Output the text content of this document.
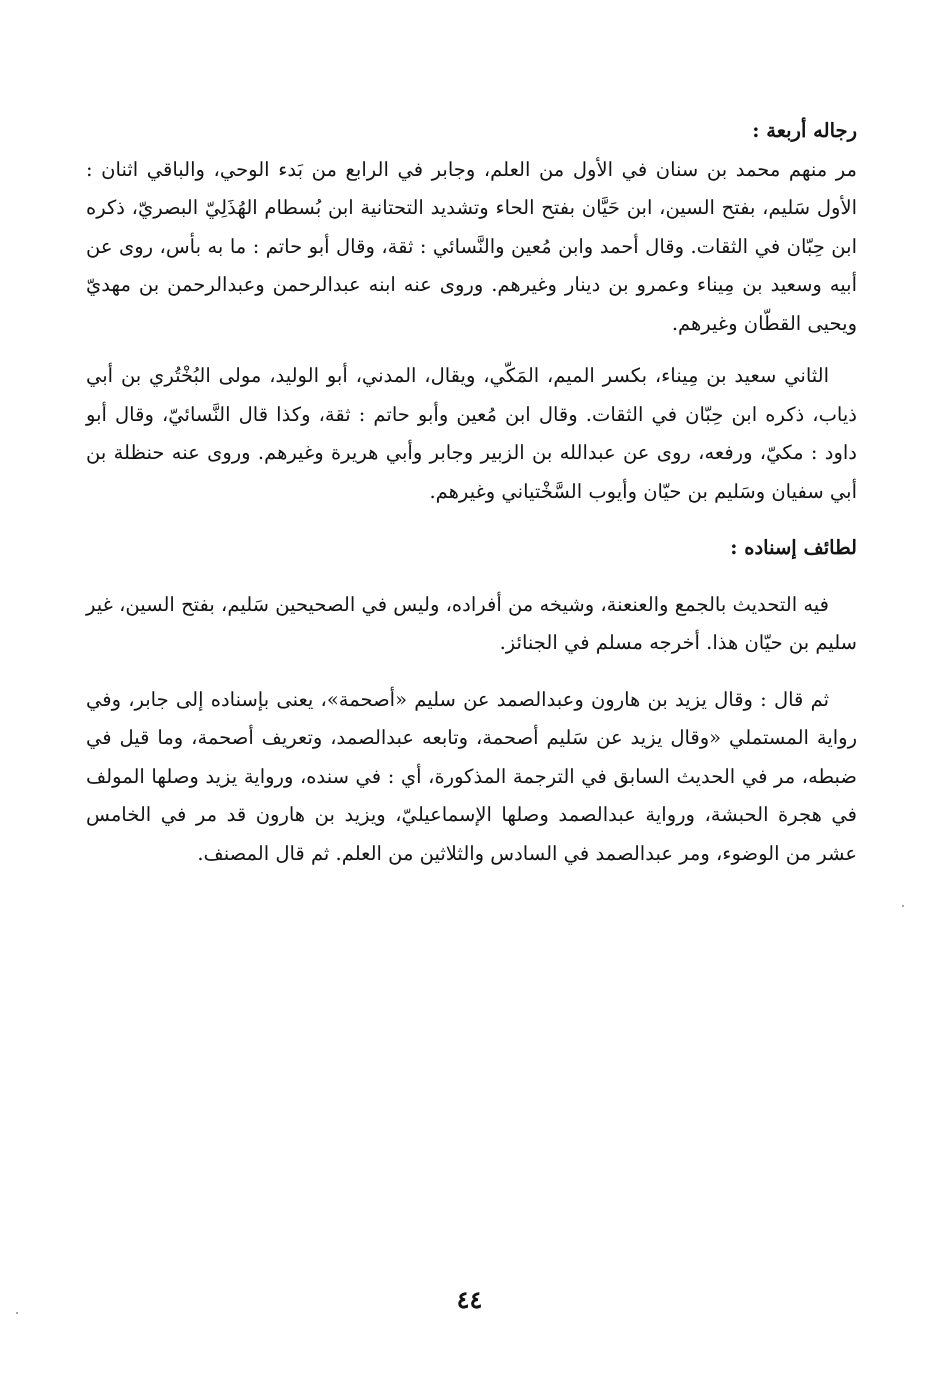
رجاله أربعة :

مر منهم محمد بن سنان في الأول من العلم، وجابر في الرابع من بَدء الوحي، والباقي اثنان : الأول سَليم، بفتح السين، ابن حَيَّان بفتح الحاء وتشديد التحتانية ابن بُسطام الهُذَلِيّ البصريّ، ذكره ابن حِبّان في الثقات. وقال أحمد وابن مُعين والنَّسائي : ثقة، وقال أبو حاتم : ما به بأس، روى عن أبيه وسعيد بن مِيناء وعمرو بن دينار وغيرهم. وروى عنه ابنه عبدالرحمن وعبدالرحمن بن مهديّ ويحيى القطّان وغيرهم.

الثاني سعيد بن مِيناء، بكسر الميم، المَكّي، ويقال، المدني، أبو الوليد، مولى البُخْتُري بن أبي ذياب، ذكره ابن حِبّان في الثقات. وقال ابن مُعين وأبو حاتم : ثقة، وكذا قال النَّسائيّ، وقال أبو داود : مكيّ، ورفعه، روى عن عبدالله بن الزبير وجابر وأبي هريرة وغيرهم. وروى عنه حنظلة بن أبي سفيان وسَليم بن حيّان وأيوب السَّخْتياني وغيرهم.

لطائف إسناده :

فيه التحديث بالجمع والعنعنة، وشيخه من أفراده، وليس في الصحيحين سَليم، بفتح السين، غير سليم بن حيّان هذا. أخرجه مسلم في الجنائز.

ثم قال : وقال يزيد بن هارون وعبدالصمد عن سليم «أصحمة»، يعنى بإسناده إلى جابر، وفي رواية المستملي «وقال يزيد عن سَليم أصحمة، وتابعه عبدالصمد، وتعريف أصحمة، وما قيل في ضبطه، مر في الحديث السابق في الترجمة المذكورة، أي : في سنده، ورواية يزيد وصلها المولف في هجرة الحبشة، ورواية عبدالصمد وصلها الإسماعيليّ، ويزيد بن هارون قد مر في الخامس عشر من الوضوء، ومر عبدالصمد في السادس والثلاثين من العلم. ثم قال المصنف.

٤٤
